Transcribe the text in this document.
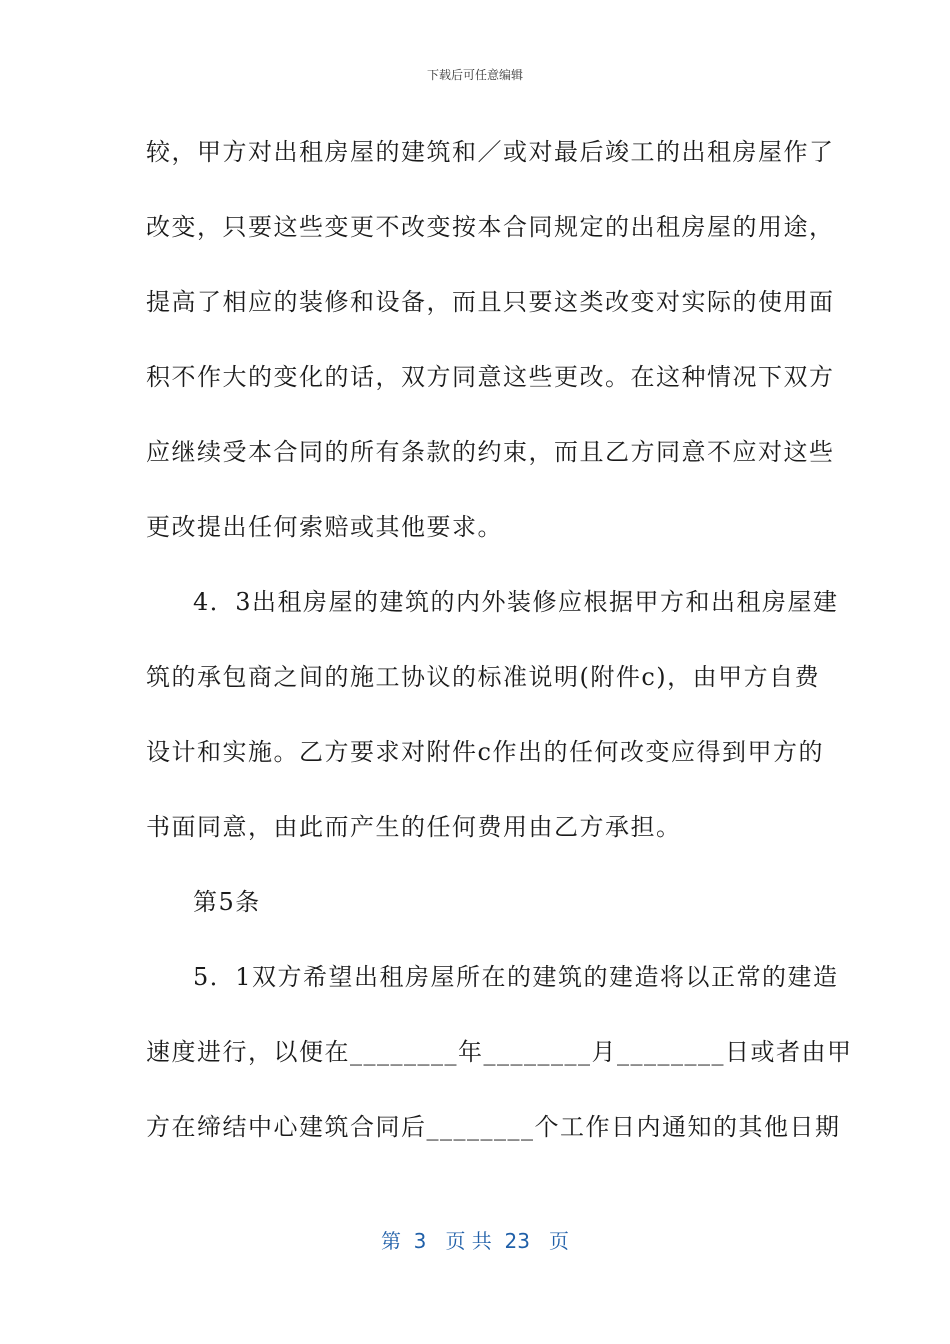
下载后可任意编辑
较，甲方对出租房屋的建筑和／或对最后竣工的出租房屋作了
改变，只要这些变更不改变按本合同规定的出租房屋的用途，
提高了相应的装修和设备，而且只要这类改变对实际的使用面
积不作大的变化的话，双方同意这些更改。在这种情况下双方
应继续受本合同的所有条款的约束，而且乙方同意不应对这些
更改提出任何索赔或其他要求。
4．3出租房屋的建筑的内外装修应根据甲方和出租房屋建
筑的承包商之间的施工协议的标准说明(附件c)，由甲方自费
设计和实施。乙方要求对附件c作出的任何改变应得到甲方的
书面同意，由此而产生的任何费用由乙方承担。
第5条
5．1双方希望出租房屋所在的建筑的建造将以正常的建造
速度进行，以便在________年________月________日或者由甲
方在缔结中心建筑合同后________个工作日内通知的其他日期
第  3   页 共  23   页
